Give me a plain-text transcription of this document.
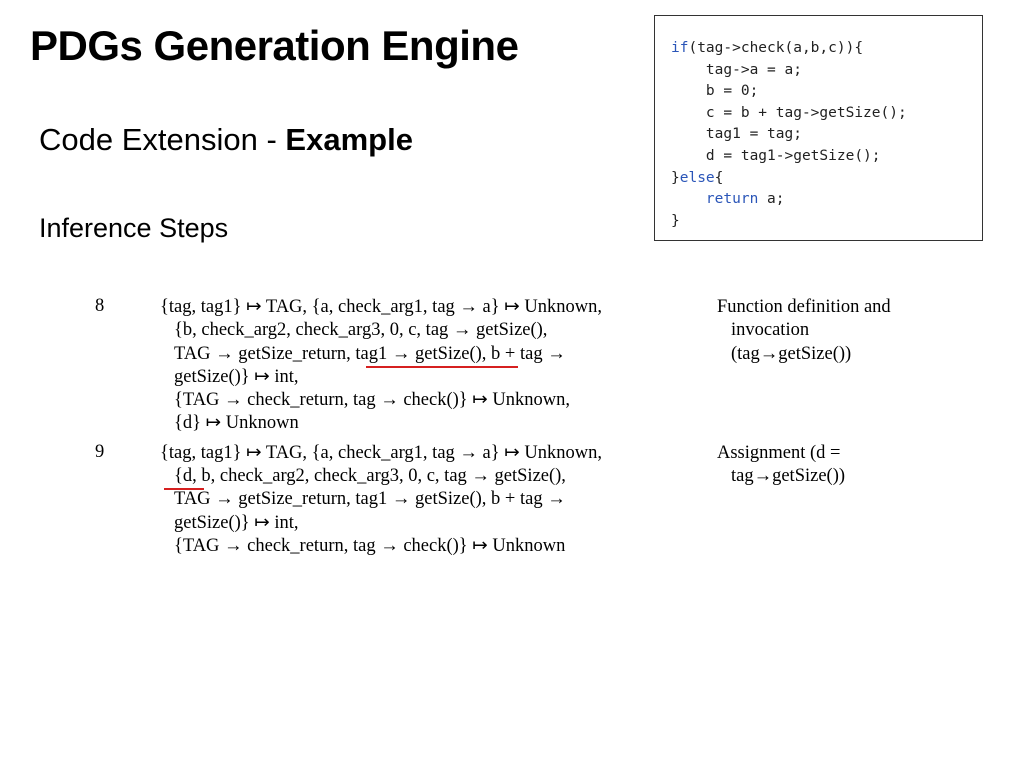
PDGs Generation Engine
Code Extension - Example
Inference Steps
if(tag->check(a,b,c)){
tag->a = a;
b = 0;
c = b + tag->getSize();
tag1 = tag;
d = tag1->getSize();
}else{
return a;
}
8	{tag, tag1} ↦ TAG, {a, check_arg1, tag → a} ↦ Unknown,
{b, check_arg2, check_arg3, 0, c, tag → getSize(),
TAG → getSize_return, tag1 → getSize(), b + tag →
getSize()} ↦ int,
{TAG → check_return, tag → check()} ↦ Unknown,
{d} ↦ Unknown
Function definition and
invocation
(tag→getSize())
9	{tag, tag1} ↦ TAG, {a, check_arg1, tag → a} ↦ Unknown,
{d, b, check_arg2, check_arg3, 0, c, tag → getSize(),
TAG → getSize_return, tag1 → getSize(), b + tag →
getSize()} ↦ int,
{TAG → check_return, tag → check()} ↦ Unknown
Assignment (d =
tag→getSize())
